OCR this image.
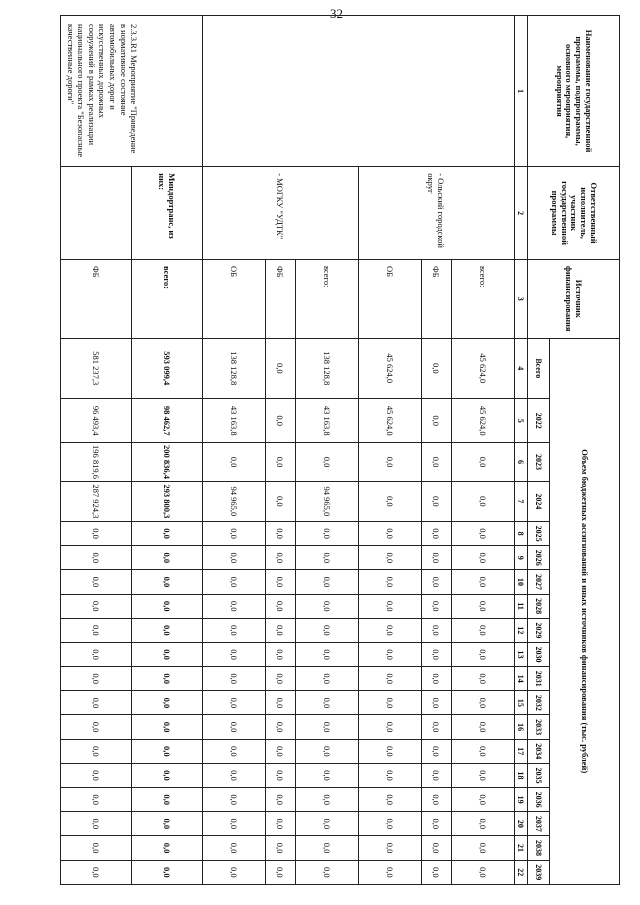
32
Наименование государственной программы, подпрограммы, основного мероприятия, мероприятия	Ответственный исполнитель, участник государственной программы	Источник финансирования	Объем бюджетных ассигнований и иных источников финансирования (тыс. рублей)																		
			Всего	2022	2023	2024	2025	2026	2027	2028	2029	2030	2031	2032	2033	2034	2035	2036	2037	2038	2039
1	2	3	4	5	6	7	8	9	10	11	12	13	14	15	16	17	18	19	20	21	22
	- Ольский городской округ	всего:	45 624,0	45 624,0	0,0	0,0	0,0	0,0	0,0	0,0	0,0	0,0	0,0	0,0	0,0	0,0	0,0	0,0	0,0	0,0	0,0
		ФБ	0,0	0,0	0,0	0,0	0,0	0,0	0,0	0,0	0,0	0,0	0,0	0,0	0,0	0,0	0,0	0,0	0,0	0,0	0,0
		ОБ	45 624,0	45 624,0	0,0	0,0	0,0	0,0	0,0	0,0	0,0	0,0	0,0	0,0	0,0	0,0	0,0	0,0	0,0	0,0	0,0
	- МОГКУ "УДТК"	всего:	138 128,8	43 163,8	0,0	94 965,0	0,0	0,0	0,0	0,0	0,0	0,0	0,0	0,0	0,0	0,0	0,0	0,0	0,0	0,0	0,0
		ФБ	0,0	0,0	0,0	0,0	0,0	0,0	0,0	0,0	0,0	0,0	0,0	0,0	0,0	0,0	0,0	0,0	0,0	0,0	0,0
		ОБ	138 128,8	43 163,8	0,0	94 965,0	0,0	0,0	0,0	0,0	0,0	0,0	0,0	0,0	0,0	0,0	0,0	0,0	0,0	0,0	0,0
2.3.3.R1 Мероприятие "Приведение в нормативное состояние автомобильных дорог и искусственных дорожных сооружений в рамках реализации национального проекта "Безопасные качественные дороги"	Миндортранс, из них:	всего:	593 099,4	98 462,7	200 836,4	293 800,3	0,0	0,0	0,0	0,0	0,0	0,0	0,0	0,0	0,0	0,0	0,0	0,0	0,0	0,0	0,0
		ФБ	581 237,3	96 493,4	196 819,6	287 924,3	0,0	0,0	0,0	0,0	0,0	0,0	0,0	0,0	0,0	0,0	0,0	0,0	0,0	0,0	0,0
